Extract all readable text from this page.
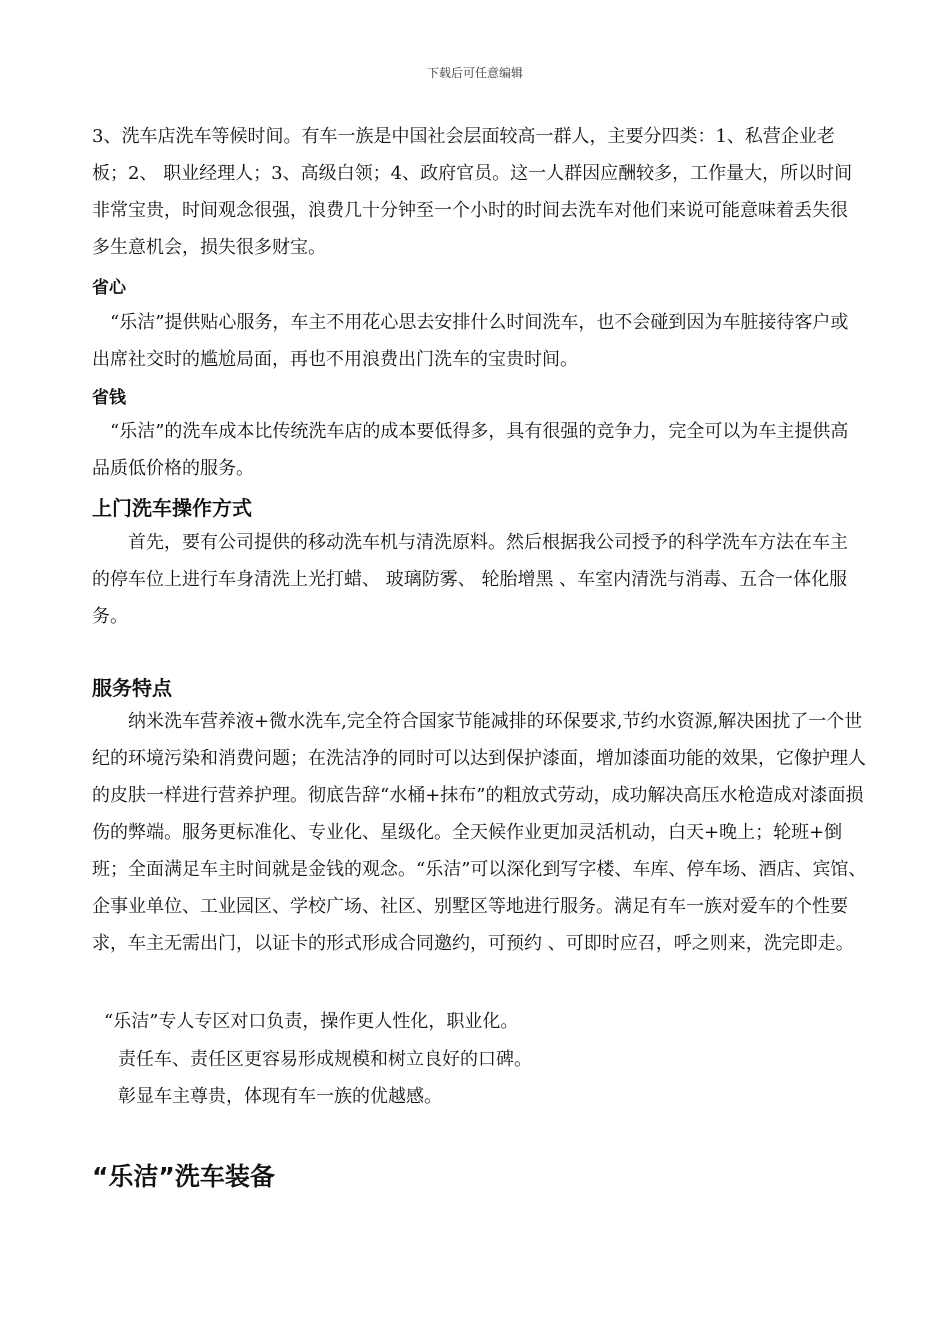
下载后可任意编辑

3、洗车店洗车等候时间。有车一族是中国社会层面较高一群人，主要分四类：1、私营企业老板；2、 职业经理人；3、高级白领；4、政府官员。这一人群因应酬较多，工作量大，所以时间非常宝贵，时间观念很强，浪费几十分钟至一个小时的时间去洗车对他们来说可能意味着丢失很多生意机会，损失很多财宝。

省心

“乐洁”提供贴心服务，车主不用花心思去安排什么时间洗车，也不会碰到因为车脏接待客户或出席社交时的尴尬局面，再也不用浪费出门洗车的宝贵时间。

省钱

“乐洁”的洗车成本比传统洗车店的成本要低得多，具有很强的竞争力，完全可以为车主提供高品质低价格的服务。

上门洗车操作方式

首先，要有公司提供的移动洗车机与清洗原料。然后根据我公司授予的科学洗车方法在车主的停车位上进行车身清洗上光打蜡、 玻璃防雾、 轮胎增黑 、车室内清洗与消毒、五合一体化服务。

服务特点

纳米洗车营养液+微水洗车,完全符合国家节能减排的环保要求,节约水资源,解决困扰了一个世纪的环境污染和消费问题；在洗洁净的同时可以达到保护漆面，增加漆面功能的效果，它像护理人的皮肤一样进行营养护理。彻底告辞“水桶+抹布”的粗放式劳动，成功解决高压水枪造成对漆面损伤的弊端。服务更标准化、专业化、星级化。全天候作业更加灵活机动，白天+晚上；轮班+倒班；全面满足车主时间就是金钱的观念。“乐洁”可以深化到写字楼、车库、停车场、酒店、宾馆、企事业单位、工业园区、学校广场、社区、别墅区等地进行服务。满足有车一族对爱车的个性要求，车主无需出门，以证卡的形式形成合同邀约，可预约 、可即时应召，呼之则来，洗完即走。

“乐洁”专人专区对口负责，操作更人性化，职业化。

责任车、责任区更容易形成规模和树立良好的口碑。

彰显车主尊贵，体现有车一族的优越感。

“乐洁”洗车装备
